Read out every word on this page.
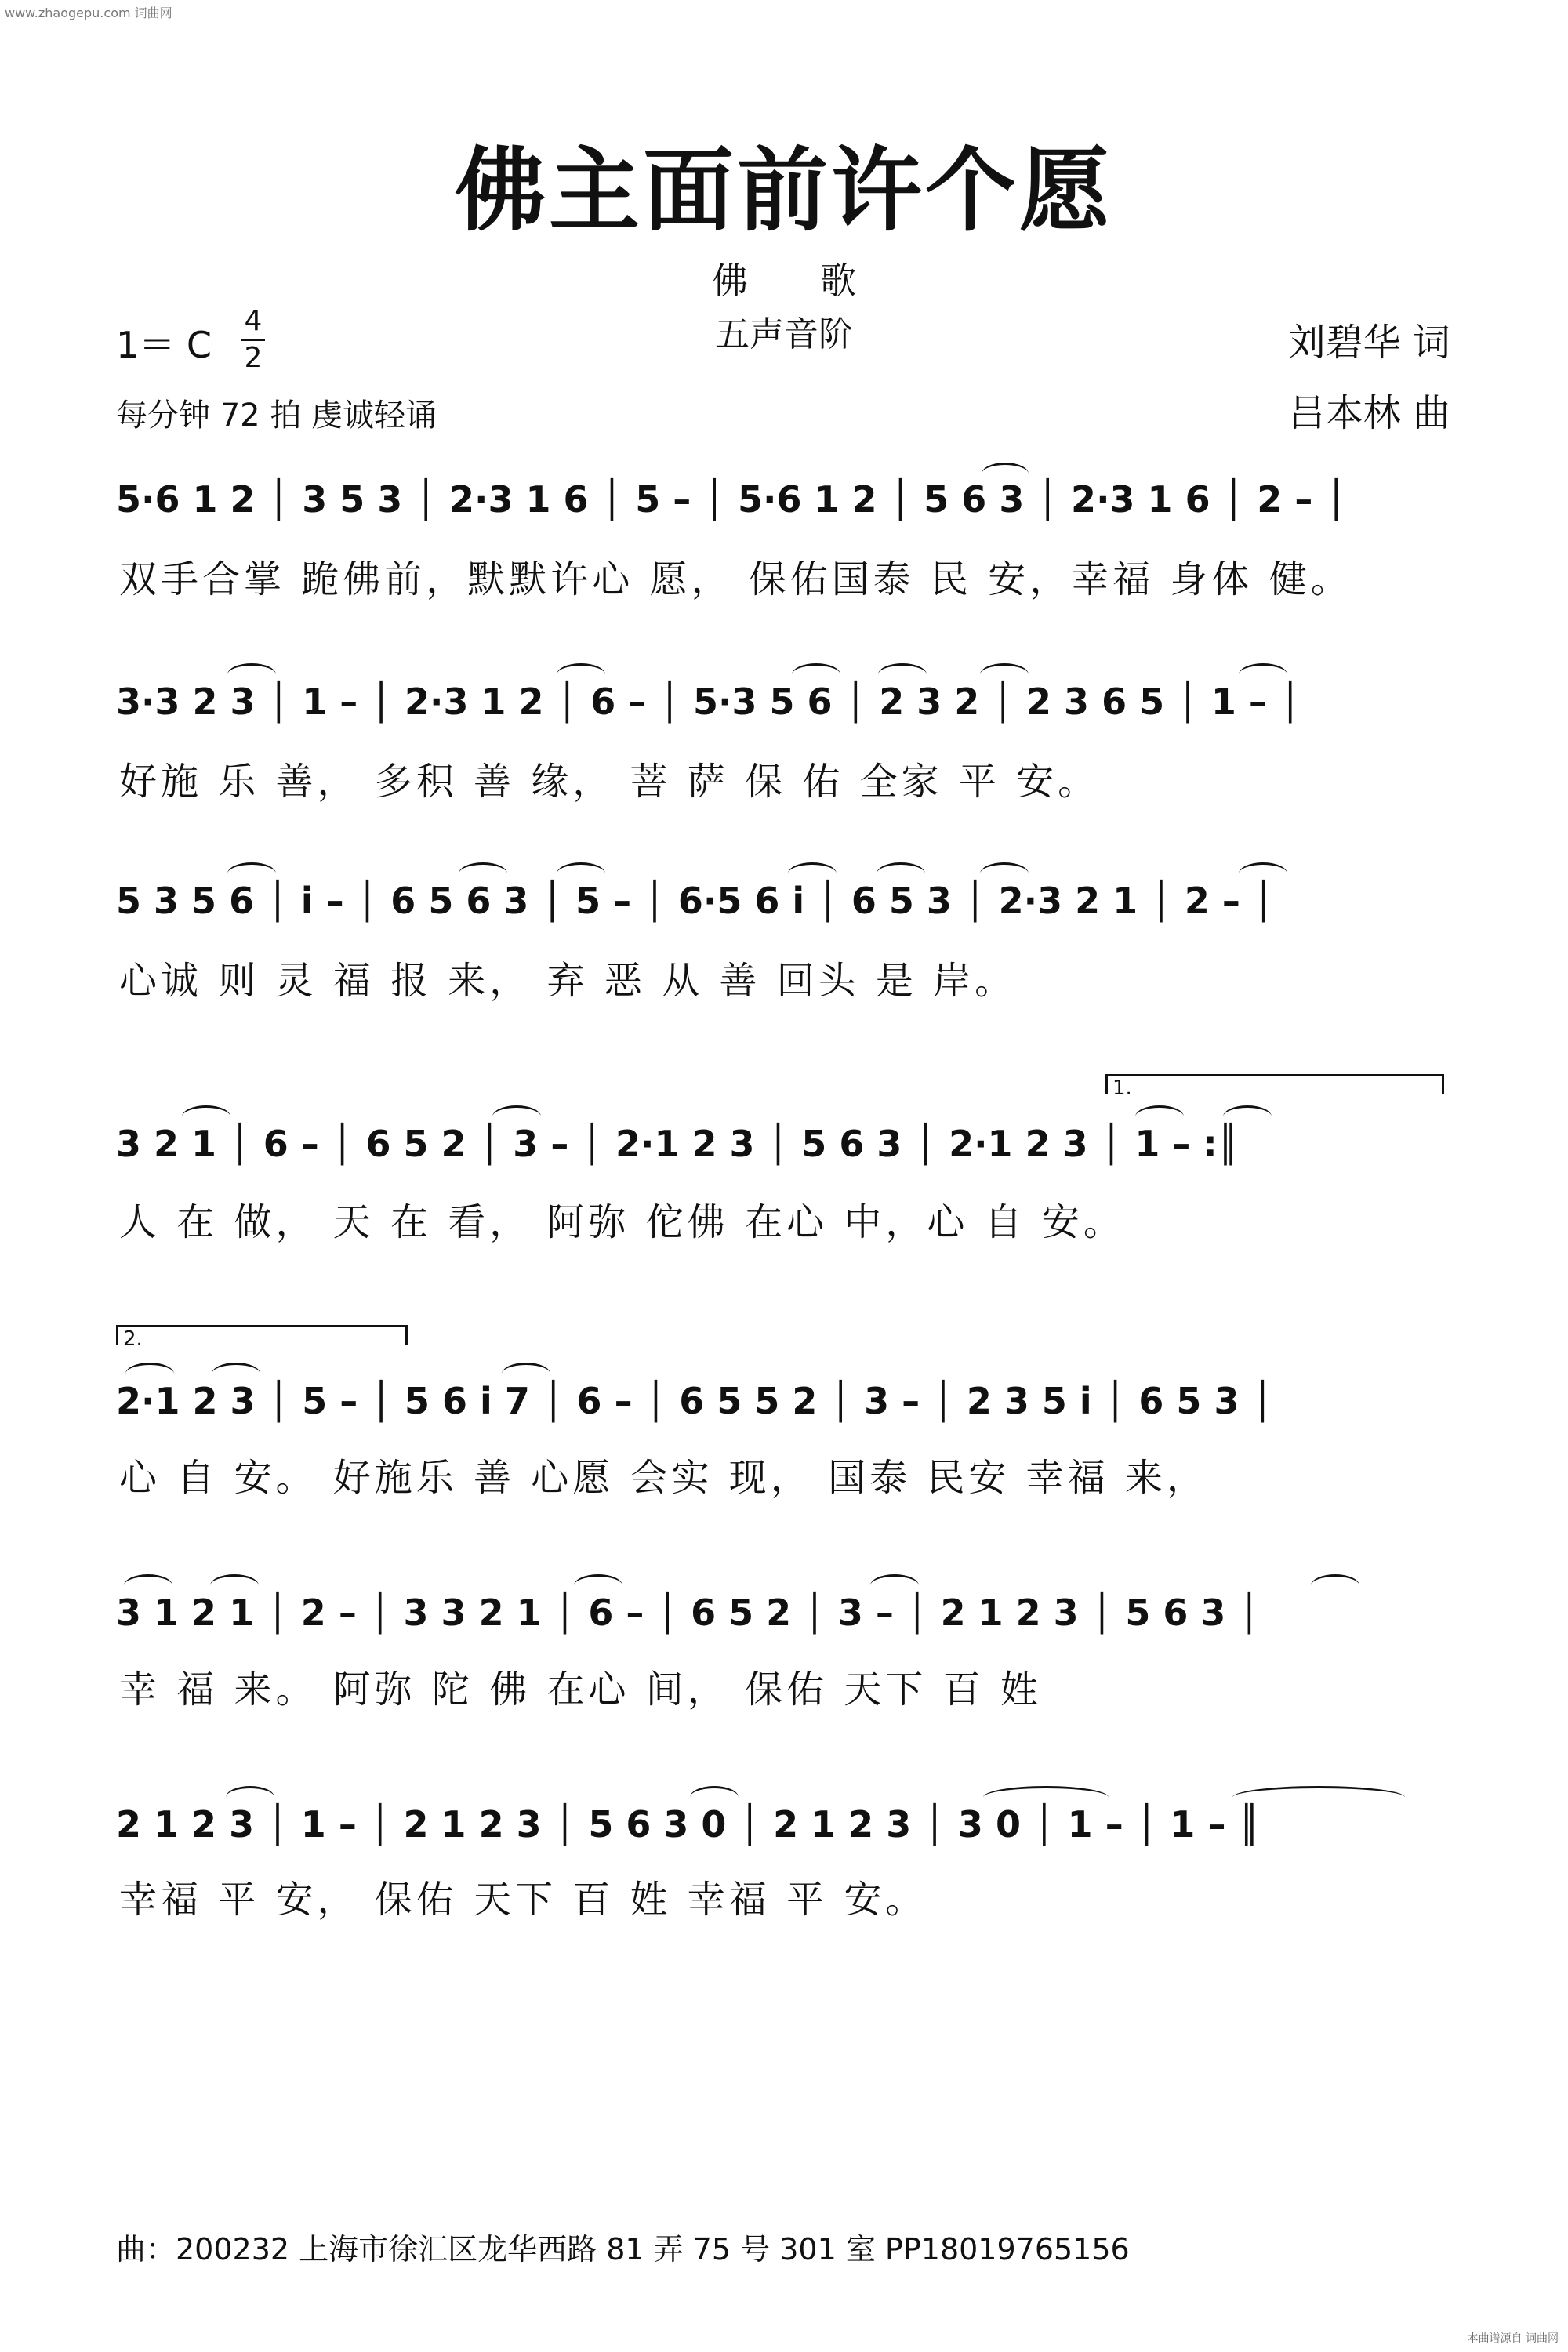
www.zhaogepu.com 词曲网
佛主面前许个愿
佛　　歌
五声音阶
1＝ C
4
2
每分钟 72 拍 虔诚轻诵
刘碧华 词
吕本林 曲
5·6 1 2 │ 3 5 3 │ 2·3 1 6 │ 5 – │ 5·6 1 2 │ 5 6 3 │ 2·3 1 6 │ 2 – │
双手合掌 跪佛前，默默许心 愿， 保佑国泰 民 安，幸福 身体 健。
3·3 2 3 │ 1 – │ 2·3 1 2 │ 6 – │ 5·3 5 6 │ 2 3 2 │ 2 3 6 5 │ 1 – │
好施 乐 善， 多积 善 缘， 菩 萨 保 佑 全家 平 安。
5 3 5 6 │ i – │ 6 5 6 3 │ 5 – │ 6·5 6 i │ 6 5 3 │ 2·3 2 1 │ 2 – │
心诚 则 灵 福 报 来， 弃 恶 从 善 回头 是 岸。
1.
3 2 1 │ 6 – │ 6 5 2 │ 3 – │ 2·1 2 3 │ 5 6 3 │ 2·1 2 3 │ 1 – :║
人 在 做， 天 在 看， 阿弥 佗佛 在心 中，心 自 安。
2.
2·1 2 3 │ 5 – │ 5 6 i 7 │ 6 – │ 6 5 5 2 │ 3 – │ 2 3 5 i │ 6 5 3 │
心 自 安。 好施乐 善 心愿 会实 现， 国泰 民安 幸福 来，
3 1 2 1 │ 2 – │ 3 3 2 1 │ 6 – │ 6 5 2 │ 3 – │ 2 1 2 3 │ 5 6 3 │
幸 福 来。 阿弥 陀 佛 在心 间， 保佑 天下 百 姓
2 1 2 3 │ 1 – │ 2 1 2 3 │ 5 6 3 0 │ 2 1 2 3 │ 3 0 │ 1 – │ 1 – ║
幸福 平 安， 保佑 天下 百 姓 幸福 平 安。
曲：200232 上海市徐汇区龙华西路 81 弄 75 号 301 室 PP18019765156
本曲谱源自 词曲网
